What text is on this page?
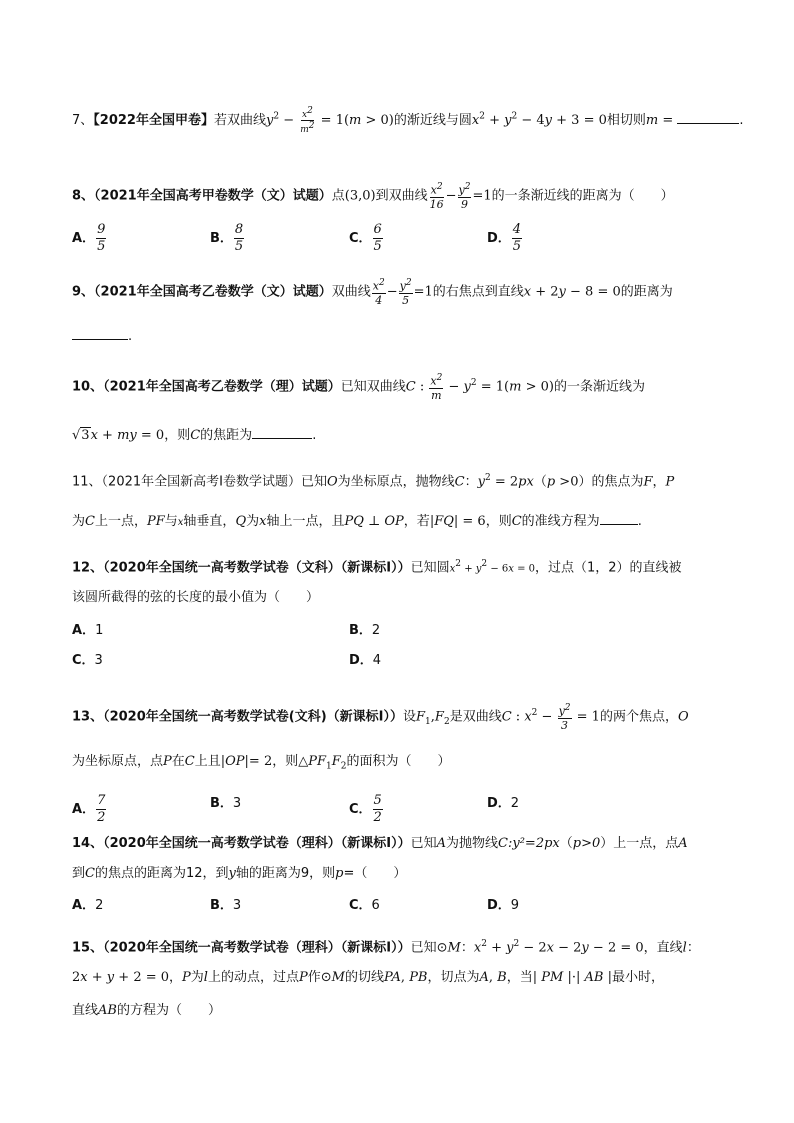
7、【2022年全国甲卷】若双曲线$y^2 - \frac{x^2}{m^2} = 1(m > 0)$的渐近线与圆$x^2 + y^2 - 4y + 3 = 0$相切则m =	.
8、（2021年全国高考甲卷数学（文）试题）点(3,0)到双曲线 $\frac{x^2}{16} - \frac{y^2}{9} =1$的一条渐近线的距离为（　　）
A． $\frac{9}{5}$	B． $\frac{8}{5}$	C． $\frac{6}{5}$	D． $\frac{4}{5}$
9、（2021年全国高考乙卷数学（文）试题）双曲线 $\frac{x^2}{4} - \frac{y^2}{5} =1$的右焦点到直线x + 2y − 8 = 0的距离为
.
10、（2021年全国高考乙卷数学（理）试题）已知双曲线C : $\frac{x^2}{m} - y^2 = 1(m > 0)$的一条渐近线为
√3x + my = 0，则C的焦距为	.
11、（2021年全国新高考Ⅰ卷数学试题）已知O为坐标原点，抛物线C：$y^2 = 2px(p >0)$的焦点为F，P
为C上一点，PF与x轴垂直，Q为x轴上一点，且PQ ⊥ OP，若|FQ| = 6，则C的准线方程为	.
12、（2020年全国统一高考数学试卷（文科）（新课标Ⅰ））已知圆$x^2 + y^2 - 6x = 0$，过点（1，2）的直线被
该圆所截得的弦的长度的最小值为（　　）
A．1	B．2
C．3	D．4
13、（2020年全国统一高考数学试卷(文科)（新课标Ⅰ））设$F_1,F_2$是双曲线C : $x^2 - \frac{y^2}{3} = 1$的两个焦点，O
为坐标原点，点P在C上且|OP|= 2，则$\triangle PF_1F_2$的面积为（　　）
A． $\frac{7}{2}$	B．3	C． $\frac{5}{2}$	D．2
14、（2020年全国统一高考数学试卷（理科）（新课标Ⅰ））已知A为抛物线C:y²=2px（p>0）上一点，点A
到C的焦点的距离为12，到y轴的距离为9，则p=（　　）
A．2	B．3	C．6	D．9
15、（2020年全国统一高考数学试卷（理科）（新课标Ⅰ））已知⊙M：$x^2 + y^2 - 2x - 2y - 2 = 0$，直线l：
2x + y + 2 = 0，P为l上的动点，过点P作⊙M的切线PA, PB，切点为A, B，当| PM |·| AB |最小时，
直线AB的方程为（　　）
